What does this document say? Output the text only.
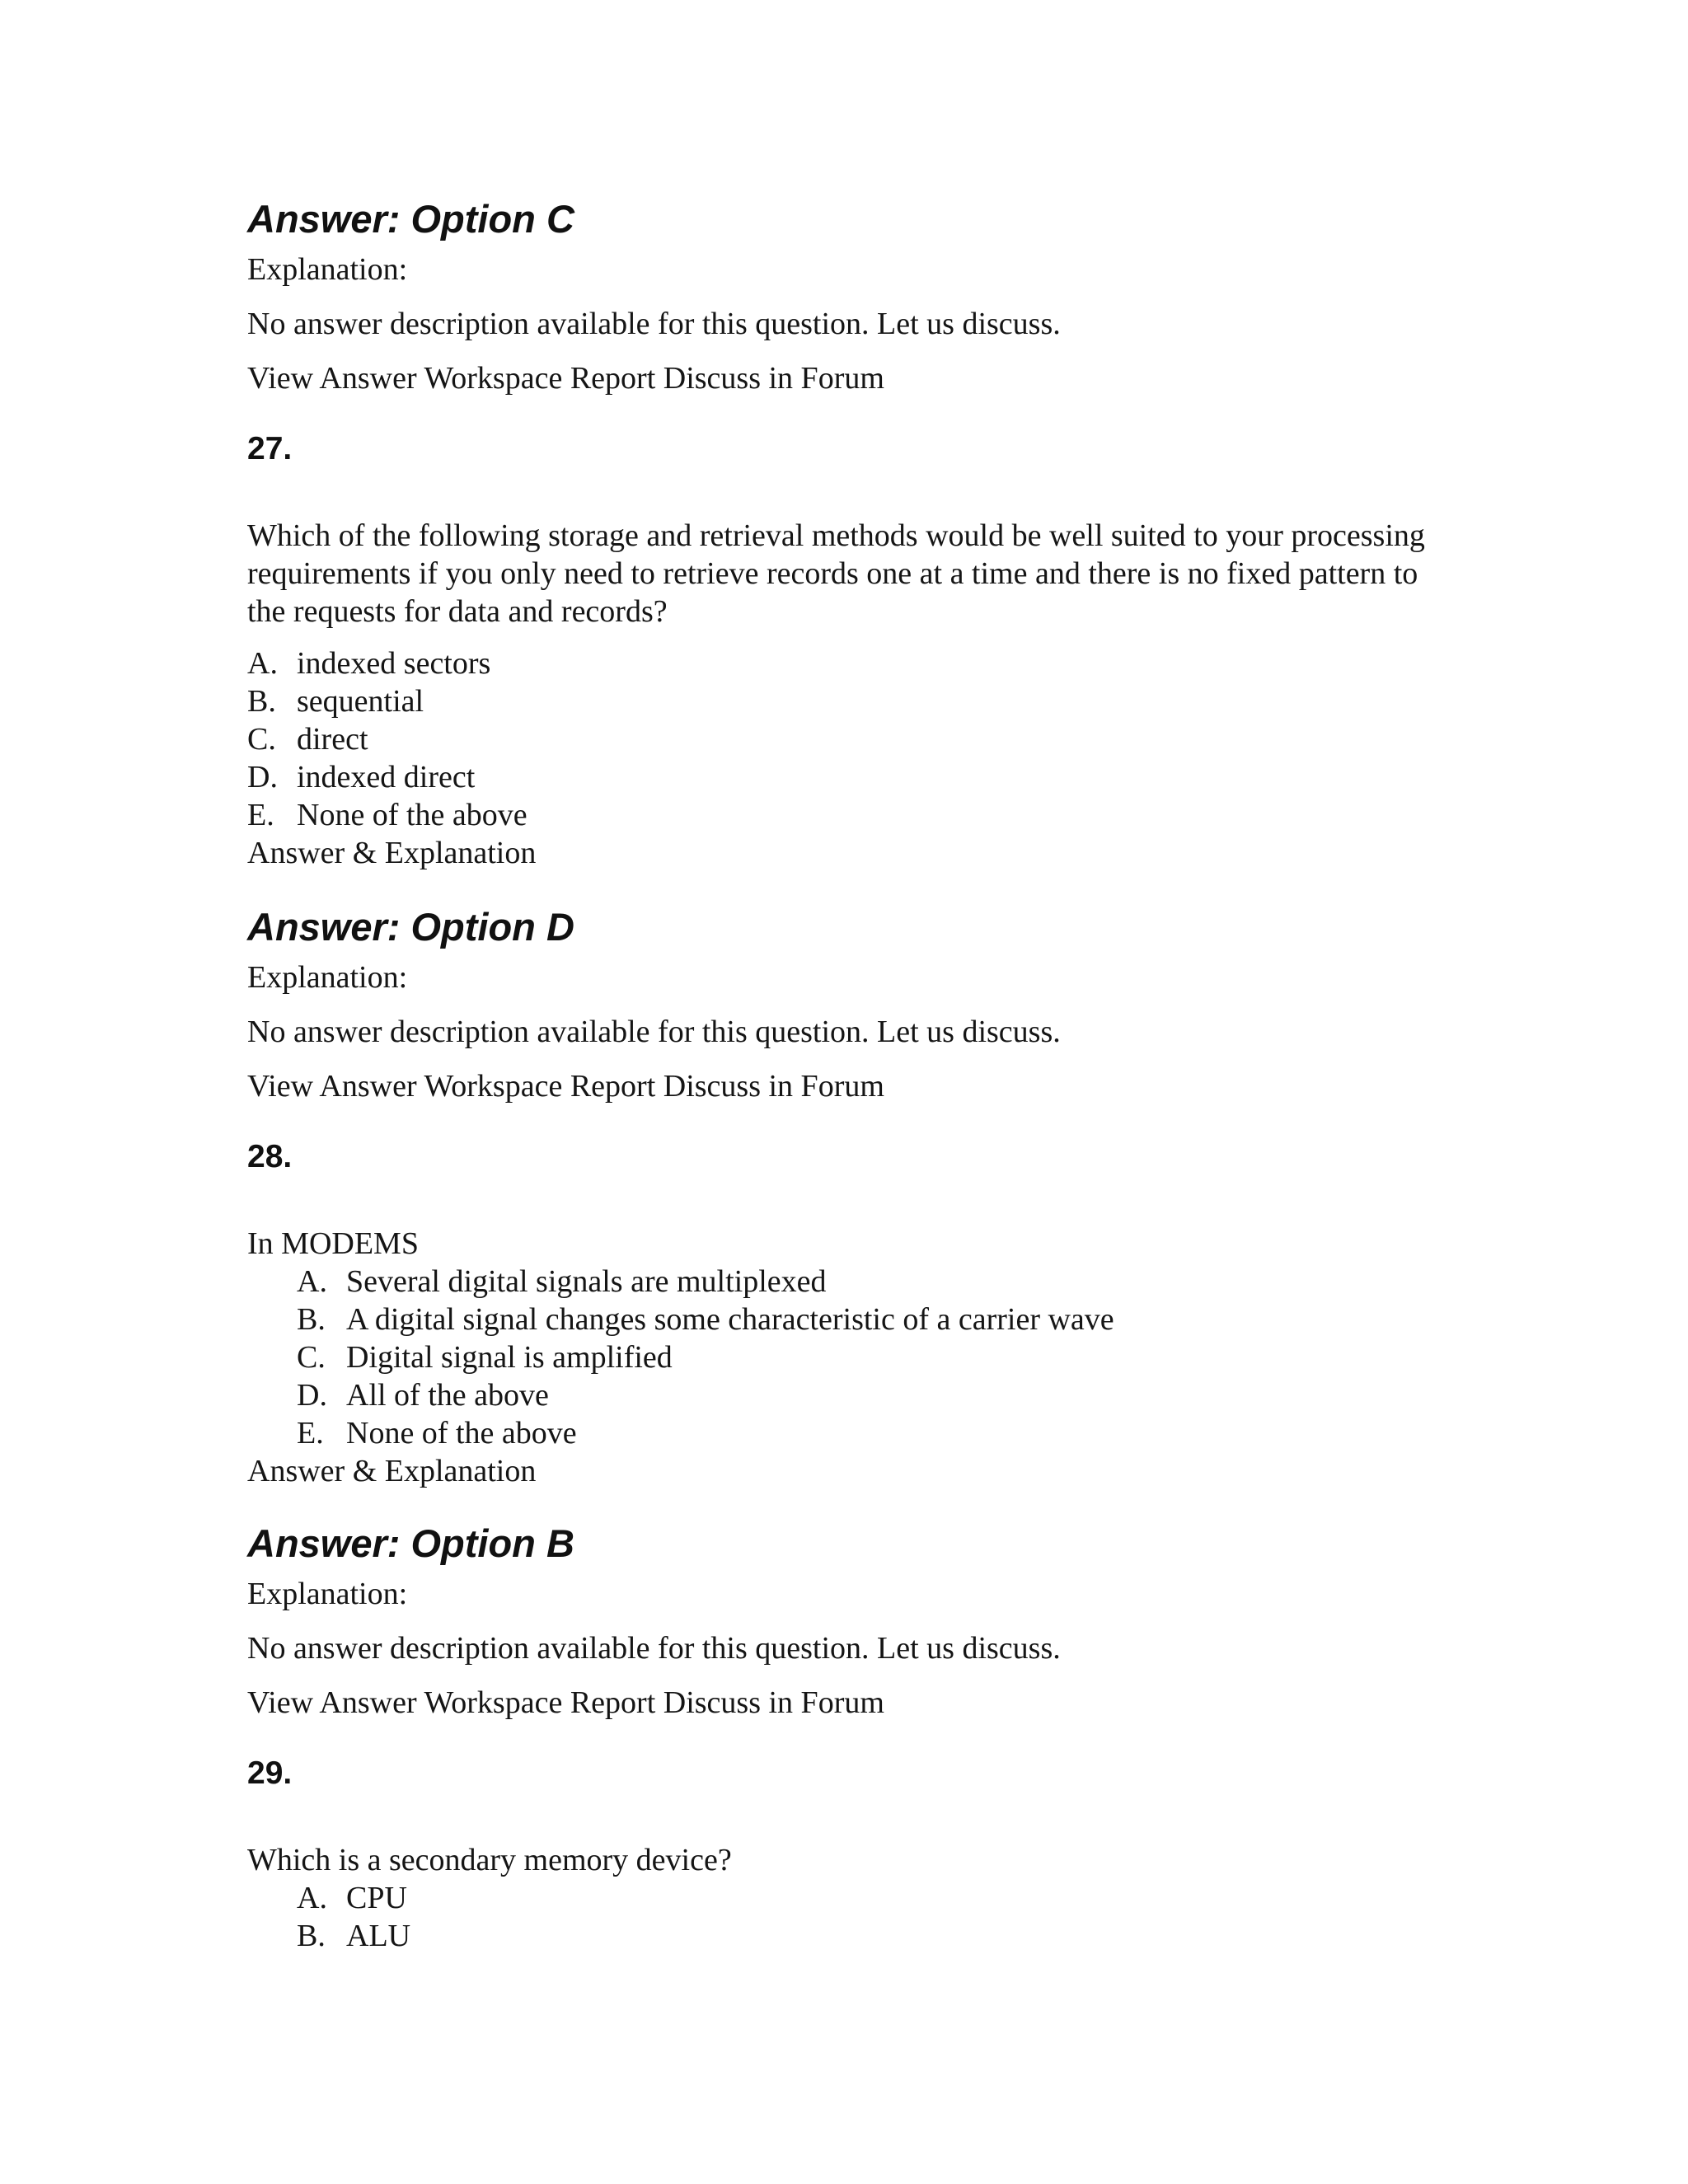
Answer: Option C
Explanation:
No answer description available for this question. Let us discuss.
View Answer Workspace Report Discuss in Forum
27.
Which of the following storage and retrieval methods would be well suited to your processing requirements if you only need to retrieve records one at a time and there is no fixed pattern to the requests for data and records?
A. indexed sectors
B. sequential
C. direct
D. indexed direct
E. None of the above
Answer & Explanation
Answer: Option D
Explanation:
No answer description available for this question. Let us discuss.
View Answer Workspace Report Discuss in Forum
28.
In MODEMS
A. Several digital signals are multiplexed
B. A digital signal changes some characteristic of a carrier wave
C. Digital signal is amplified
D. All of the above
E. None of the above
Answer & Explanation
Answer: Option B
Explanation:
No answer description available for this question. Let us discuss.
View Answer Workspace Report Discuss in Forum
29.
Which is a secondary memory device?
A. CPU
B. ALU
